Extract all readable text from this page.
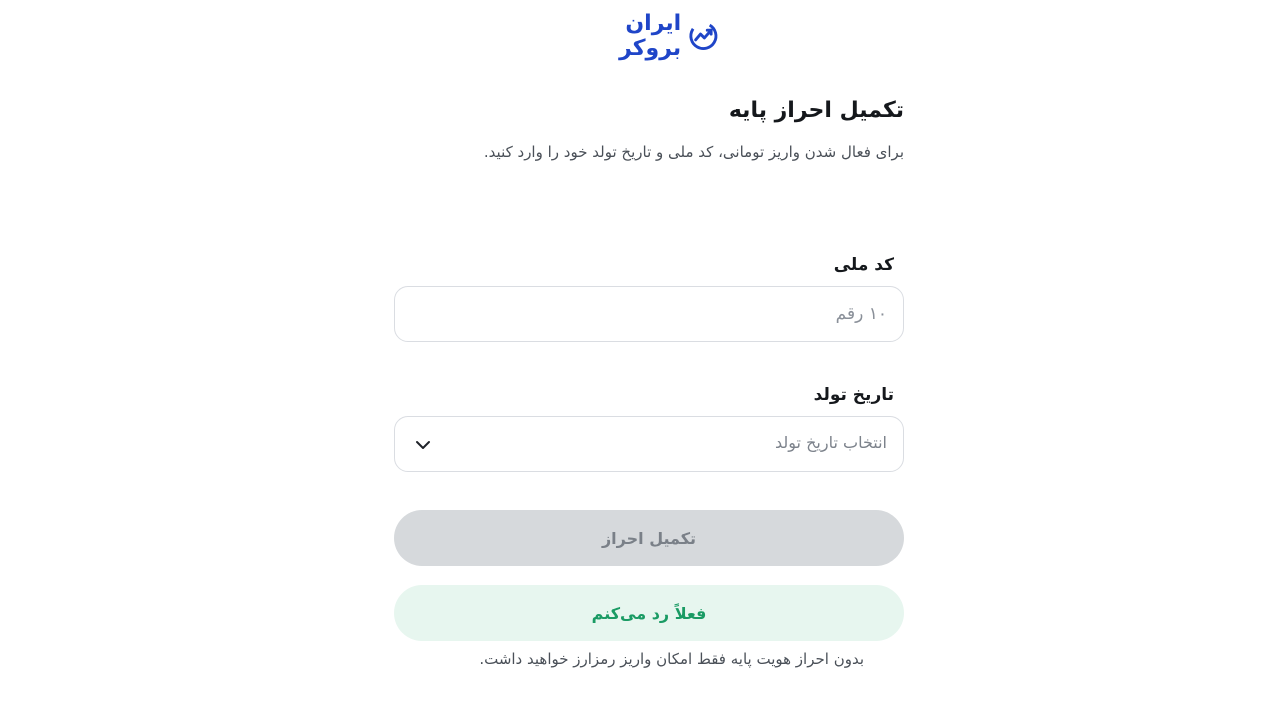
ایران بروکر
تکمیل احراز پایه
برای فعال شدن واریز تومانی، کد ملی و تاریخ تولد خود را وارد کنید.
کد ملی
۱۰ رقم
تاریخ تولد
انتخاب تاریخ تولد
تکمیل احراز
فعلاً رد می‌کنم
بدون احراز هویت پایه فقط امکان واریز رمزارز خواهید داشت.
